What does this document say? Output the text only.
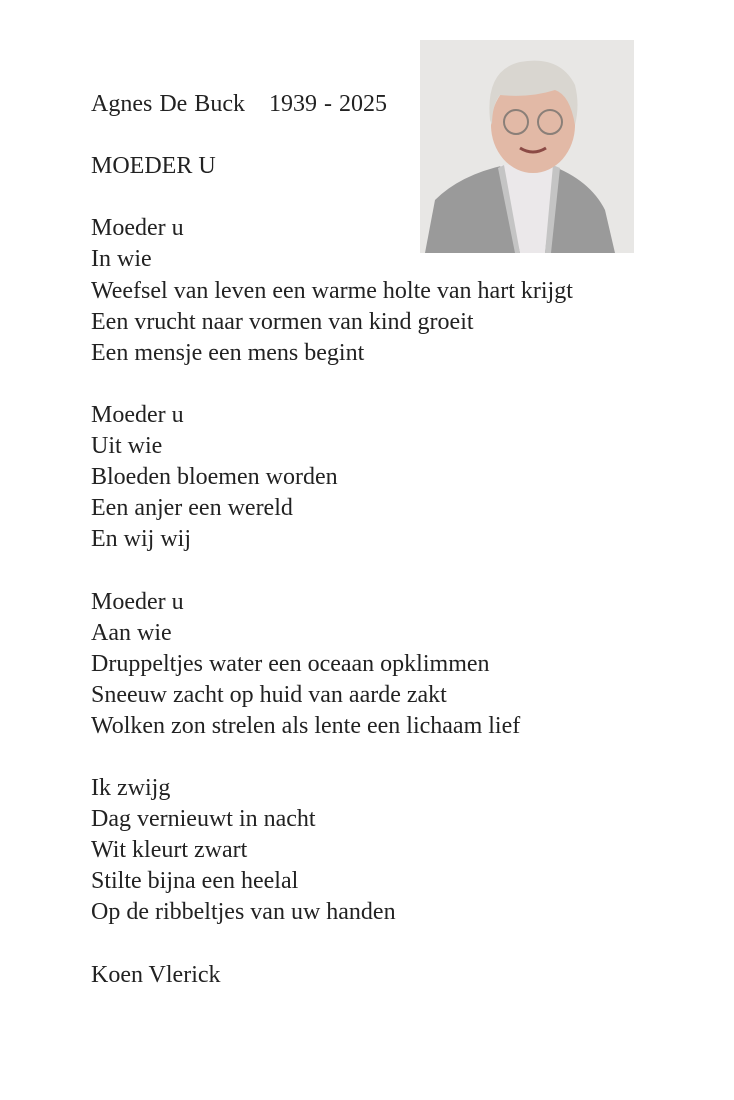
Agnes De Buck 1939 - 2025
MOEDER U
Moeder u
In wie
Weefsel van leven een warme holte van hart krijgt
Een vrucht naar vormen van kind groeit
Een mensje een mens begint
Moeder u
Uit wie
Bloeden bloemen worden
Een anjer een wereld
En wij wij
Moeder u
Aan wie
Druppeltjes water een oceaan opklimmen
Sneeuw zacht op huid van aarde zakt
Wolken zon strelen als lente een lichaam lief
Ik zwijg
Dag vernieuwt in nacht
Wit kleurt zwart
Stilte bijna een heelal
Op de ribbeltjes van uw handen
Koen Vlerick
